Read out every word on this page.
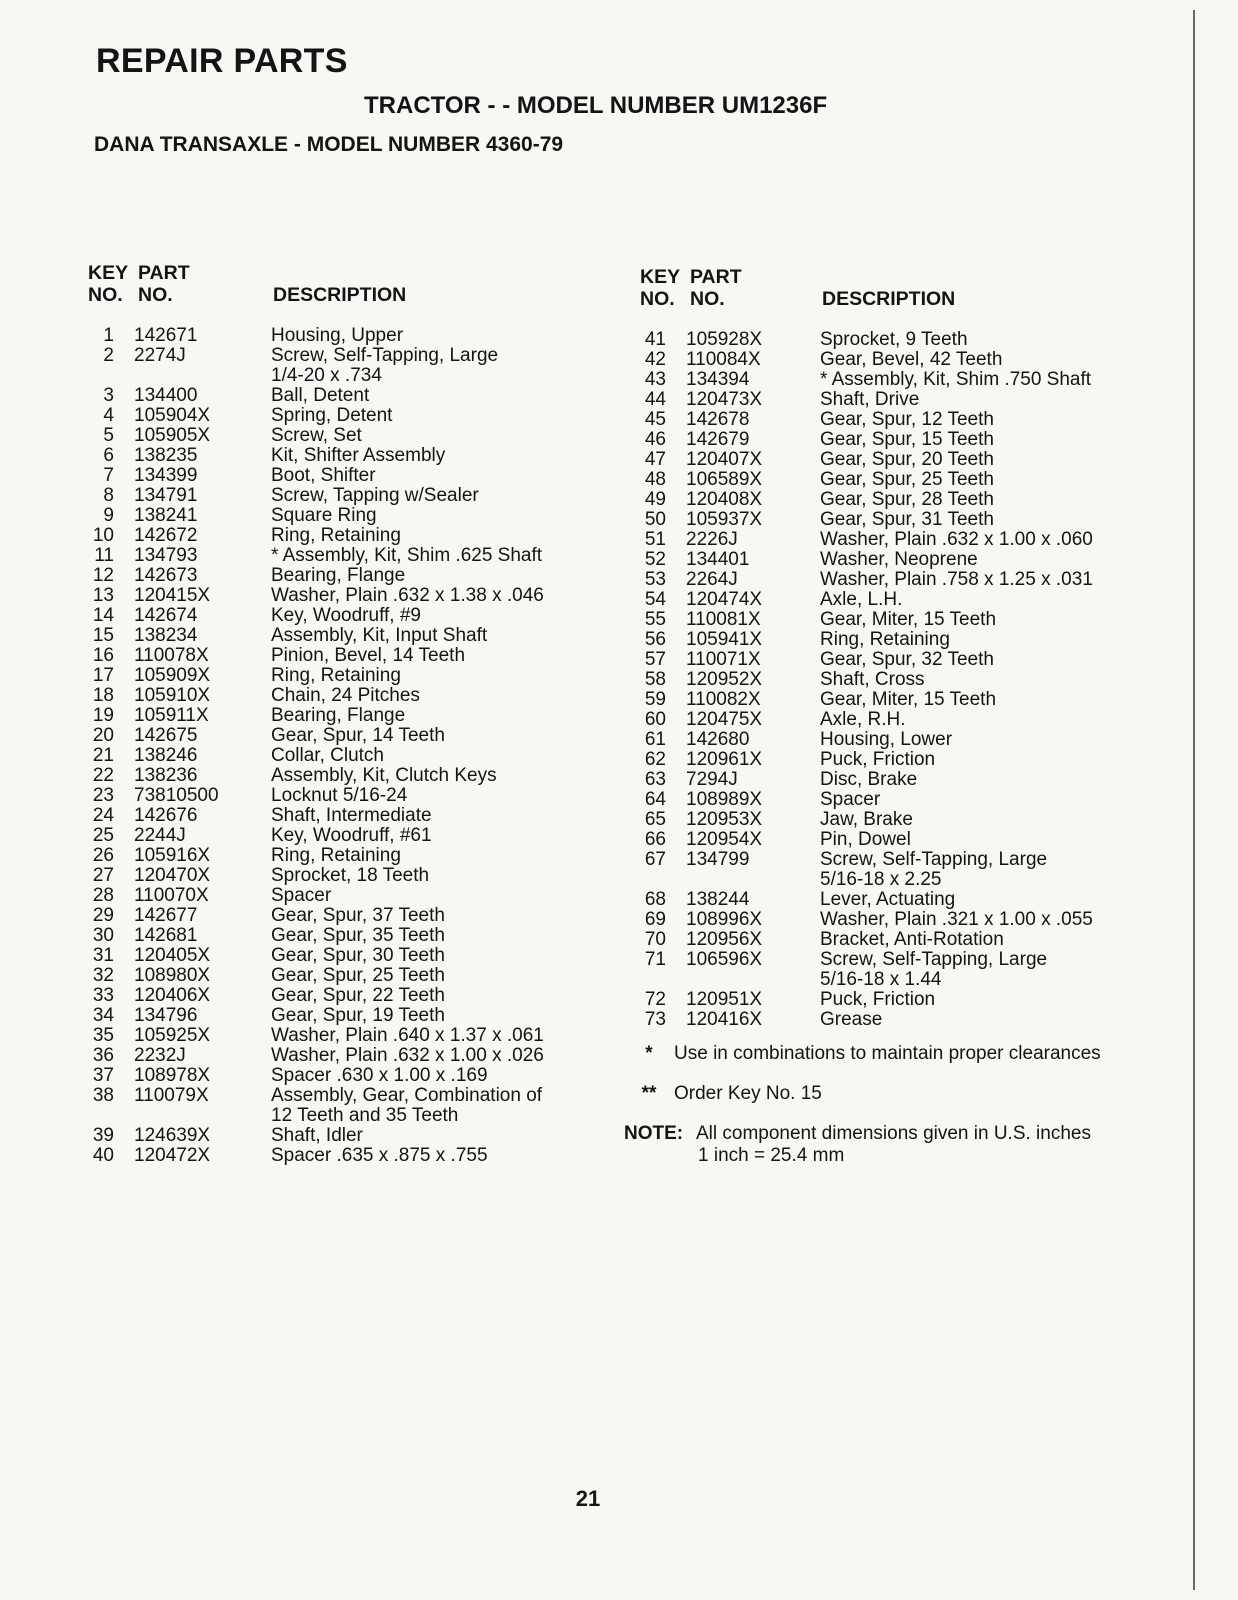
REPAIR PARTS
TRACTOR - - MODEL NUMBER UM1236F
DANA TRANSAXLE - MODEL NUMBER 4360-79
KEY PART
NO. NO.	DESCRIPTION
1 142671	Housing, Upper
2 2274J	Screw, Self-Tapping, Large
1/4-20 x .734
3 134400	Ball, Detent
4 105904X	Spring, Detent
5 105905X	Screw, Set
6 138235	Kit, Shifter Assembly
7 134399	Boot, Shifter
8 134791	Screw, Tapping w/Sealer
9 138241	Square Ring
10 142672	Ring, Retaining
11 134793	* Assembly, Kit, Shim .625 Shaft
12 142673	Bearing, Flange
13 120415X	Washer, Plain .632 x 1.38 x .046
14 142674	Key, Woodruff, #9
15 138234	Assembly, Kit, Input Shaft
16 110078X	Pinion, Bevel, 14 Teeth
17 105909X	Ring, Retaining
18 105910X	Chain, 24 Pitches
19 105911X	Bearing, Flange
20 142675	Gear, Spur, 14 Teeth
21 138246	Collar, Clutch
22 138236	Assembly, Kit, Clutch Keys
23 73810500	Locknut 5/16-24
24 142676	Shaft, Intermediate
25 2244J	Key, Woodruff, #61
26 105916X	Ring, Retaining
27 120470X	Sprocket, 18 Teeth
28 110070X	Spacer
29 142677	Gear, Spur, 37 Teeth
30 142681	Gear, Spur, 35 Teeth
31 120405X	Gear, Spur, 30 Teeth
32 108980X	Gear, Spur, 25 Teeth
33 120406X	Gear, Spur, 22 Teeth
34 134796	Gear, Spur, 19 Teeth
35 105925X	Washer, Plain .640 x 1.37 x .061
36 2232J	Washer, Plain .632 x 1.00 x .026
37 108978X	Spacer .630 x 1.00 x .169
38 110079X	Assembly, Gear, Combination of
12 Teeth and 35 Teeth
39 124639X	Shaft, Idler
40 120472X	Spacer .635 x .875 x .755
KEY PART
NO. NO.	DESCRIPTION
41 105928X	Sprocket, 9 Teeth
42 110084X	Gear, Bevel, 42 Teeth
43 134394	* Assembly, Kit, Shim .750 Shaft
44 120473X	Shaft, Drive
45 142678	Gear, Spur, 12 Teeth
46 142679	Gear, Spur, 15 Teeth
47 120407X	Gear, Spur, 20 Teeth
48 106589X	Gear, Spur, 25 Teeth
49 120408X	Gear, Spur, 28 Teeth
50 105937X	Gear, Spur, 31 Teeth
51 2226J	Washer, Plain .632 x 1.00 x .060
52 134401	Washer, Neoprene
53 2264J	Washer, Plain .758 x 1.25 x .031
54 120474X	Axle, L.H.
55 110081X	Gear, Miter, 15 Teeth
56 105941X	Ring, Retaining
57 110071X	Gear, Spur, 32 Teeth
58 120952X	Shaft, Cross
59 110082X	Gear, Miter, 15 Teeth
60 120475X	Axle, R.H.
61 142680	Housing, Lower
62 120961X	Puck, Friction
63 7294J	Disc, Brake
64 108989X	Spacer
65 120953X	Jaw, Brake
66 120954X	Pin, Dowel
67 134799	Screw, Self-Tapping, Large
5/16-18 x 2.25
68 138244	Lever, Actuating
69 108996X	Washer, Plain .321 x 1.00 x .055
70 120956X	Bracket, Anti-Rotation
71 106596X	Screw, Self-Tapping, Large
5/16-18 x 1.44
72 120951X	Puck, Friction
73 120416X	Grease
* Use in combinations to maintain proper clearances
** Order Key No. 15
NOTE: All component dimensions given in U.S. inches
1 inch = 25.4 mm
21
